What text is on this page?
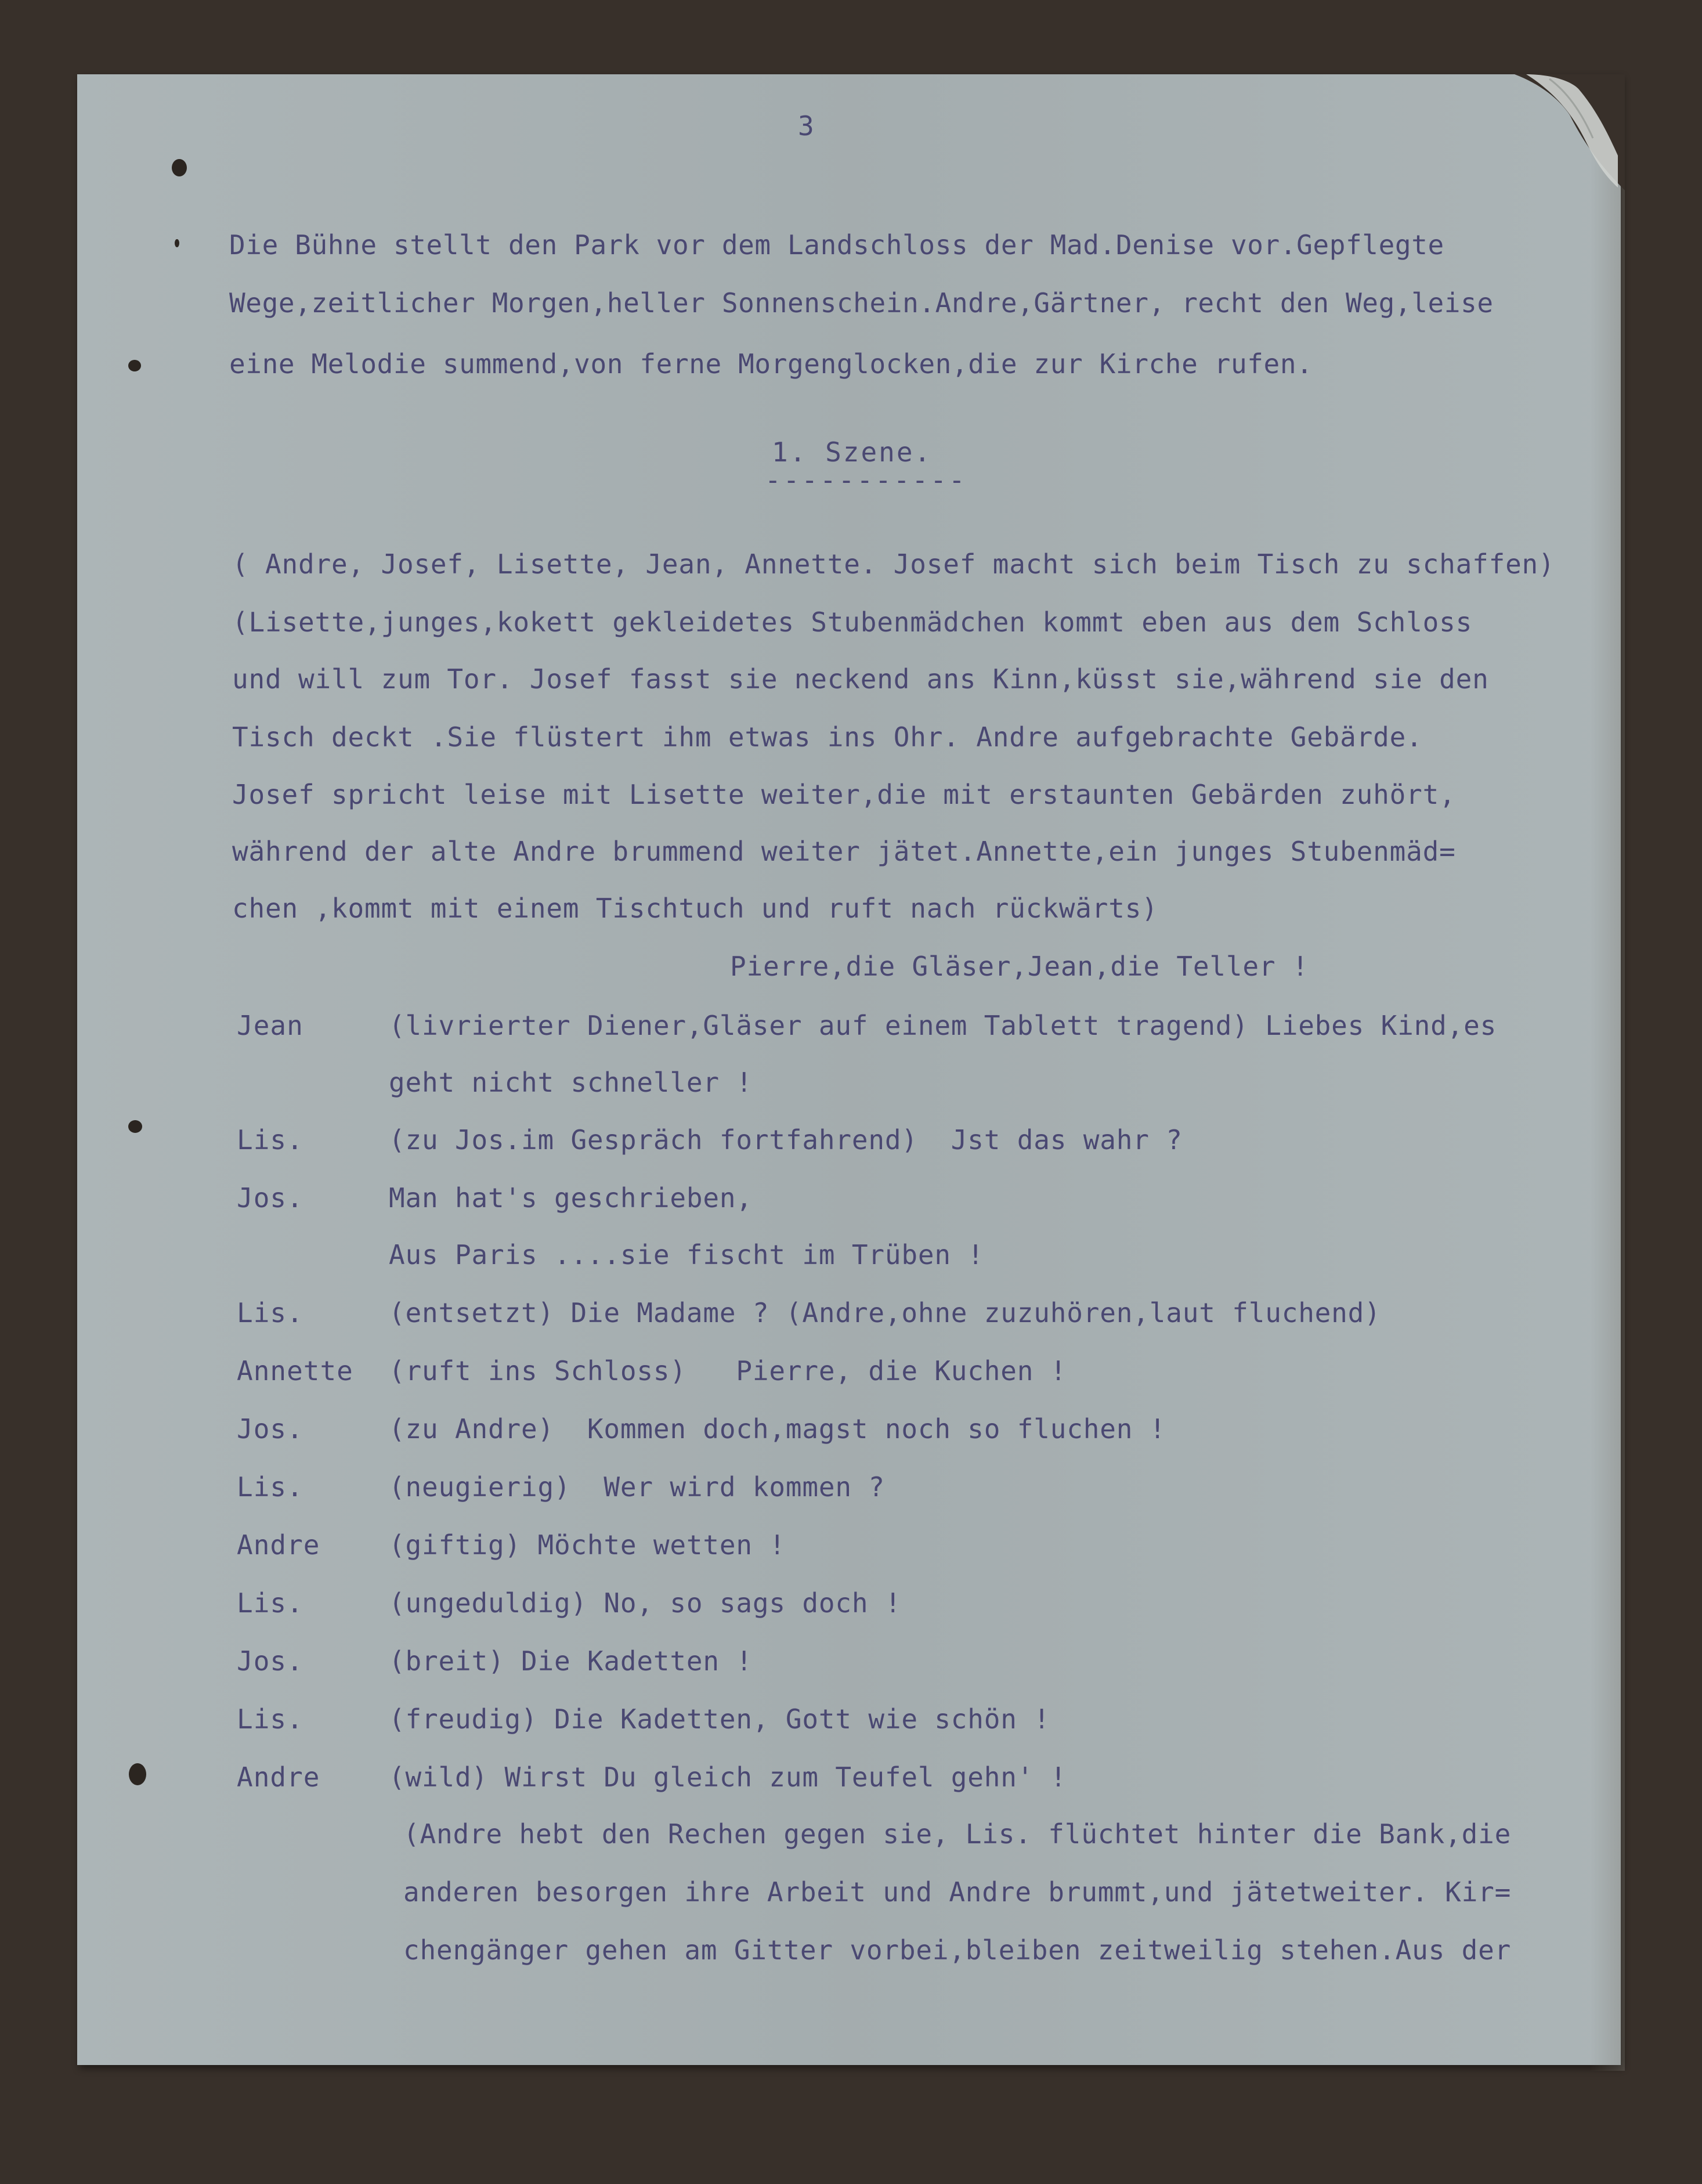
3
Die Bühne stellt den Park vor dem Landschloss der Mad.Denise vor.Gepflegte
Wege,zeitlicher Morgen,heller Sonnenschein.Andre,Gärtner, recht den Weg,leise
eine Melodie summend,von ferne Morgenglocken,die zur Kirche rufen.
1. Szene.
-----------
( Andre, Josef, Lisette, Jean, Annette. Josef macht sich beim Tisch zu schaffen)
(Lisette,junges,kokett gekleidetes Stubenmädchen kommt eben aus dem Schloss
und will zum Tor. Josef fasst sie neckend ans Kinn,küsst sie,während sie den
Tisch deckt .Sie flüstert ihm etwas ins Ohr. Andre aufgebrachte Gebärde.
Josef spricht leise mit Lisette weiter,die mit erstaunten Gebärden zuhört,
während der alte Andre brummend weiter jätet.Annette,ein junges Stubenmäd=
chen ,kommt mit einem Tischtuch und ruft nach rückwärts)
Pierre,die Gläser,Jean,die Teller !
Jean	(livrierter Diener,Gläser auf einem Tablett tragend) Liebes Kind,es
geht nicht schneller !
Lis.	(zu Jos.im Gespräch fortfahrend)  Jst das wahr ?
Jos.	Man hat's geschrieben,
Aus Paris ....sie fischt im Trüben !
Lis.	(entsetzt) Die Madame ? (Andre,ohne zuzuhören,laut fluchend)
Annette (ruft ins Schloss)   Pierre, die Kuchen !
Jos.	(zu Andre)  Kommen doch,magst noch so fluchen !
Lis.	(neugierig)  Wer wird kommen ?
Andre	(giftig) Möchte wetten !
Lis.	(ungeduldig) No, so sags doch !
Jos.	(breit) Die Kadetten !
Lis.	(freudig) Die Kadetten, Gott wie schön !
Andre	(wild) Wirst Du gleich zum Teufel gehn' !
(Andre hebt den Rechen gegen sie, Lis. flüchtet hinter die Bank,die
anderen besorgen ihre Arbeit und Andre brummt,und jätetweiter. Kir=
chengänger gehen am Gitter vorbei,bleiben zeitweilig stehen.Aus der
